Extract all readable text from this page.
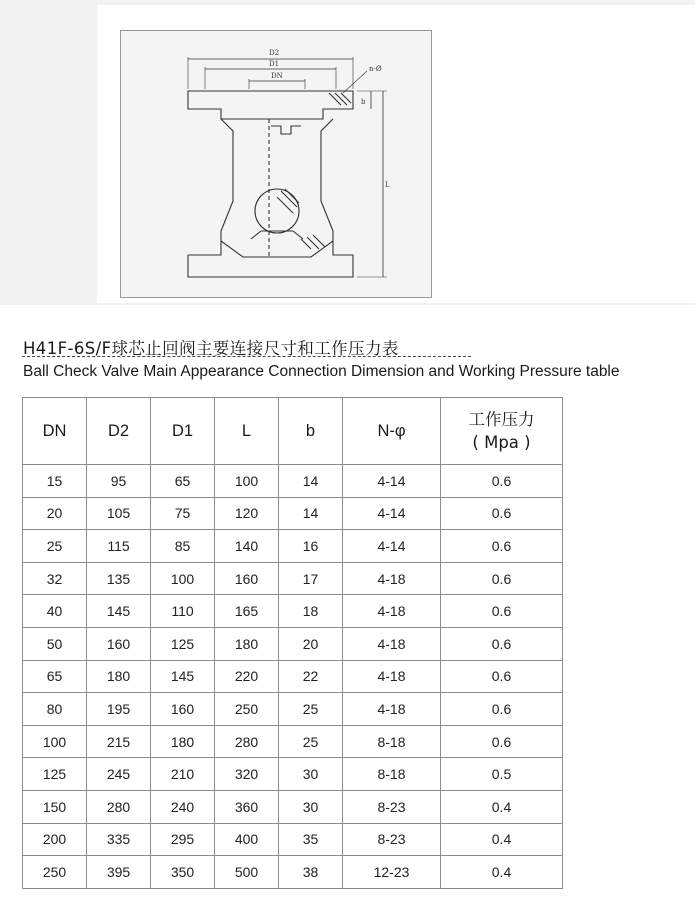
D2
D1
DN
n-Ø
b
L
H41F-6S/F球芯止回阀主要连接尺寸和工作压力表
Ball Check Valve Main Appearance Connection Dimension and Working Pressure table
DN	D2	D1	L	b	N-φ	工作压力
( Mpa )

15	95	65	100	14	4-14	0.6
20	105	75	120	14	4-14	0.6
25	115	85	140	16	4-14	0.6
32	135	100	160	17	4-18	0.6
40	145	110	165	18	4-18	0.6
50	160	125	180	20	4-18	0.6
65	180	145	220	22	4-18	0.6
80	195	160	250	25	4-18	0.6
100	215	180	280	25	8-18	0.6
125	245	210	320	30	8-18	0.5
150	280	240	360	30	8-23	0.4
200	335	295	400	35	8-23	0.4
250	395	350	500	38	12-23	0.4
